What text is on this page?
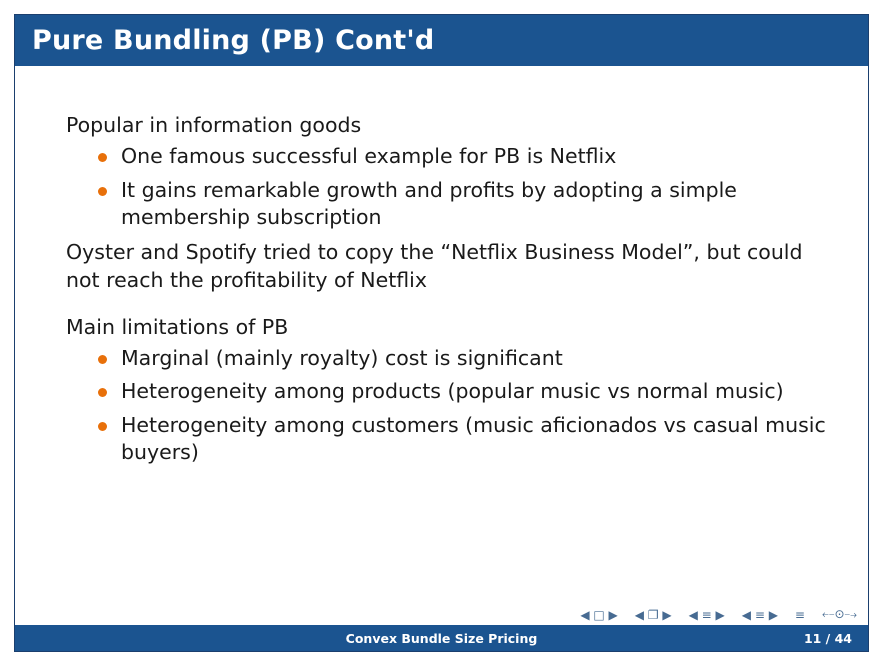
Pure Bundling (PB) Cont'd

Popular in information goods

One famous successful example for PB is Netflix
It gains remarkable growth and profits by adopting a simple membership subscription

Oyster and Spotify tried to copy the “Netflix Business Model”, but could not reach the profitability of Netflix

Main limitations of PB

Marginal (mainly royalty) cost is significant
Heterogeneity among products (popular music vs normal music)
Heterogeneity among customers (music aficionados vs casual music buyers)
◀ □ ▶ ◀ ❐ ▶ ◀ ≡ ▶ ◀ ≡ ▶ ≡ ⤌⊙⤍
Convex Bundle Size Pricing	11 / 44
